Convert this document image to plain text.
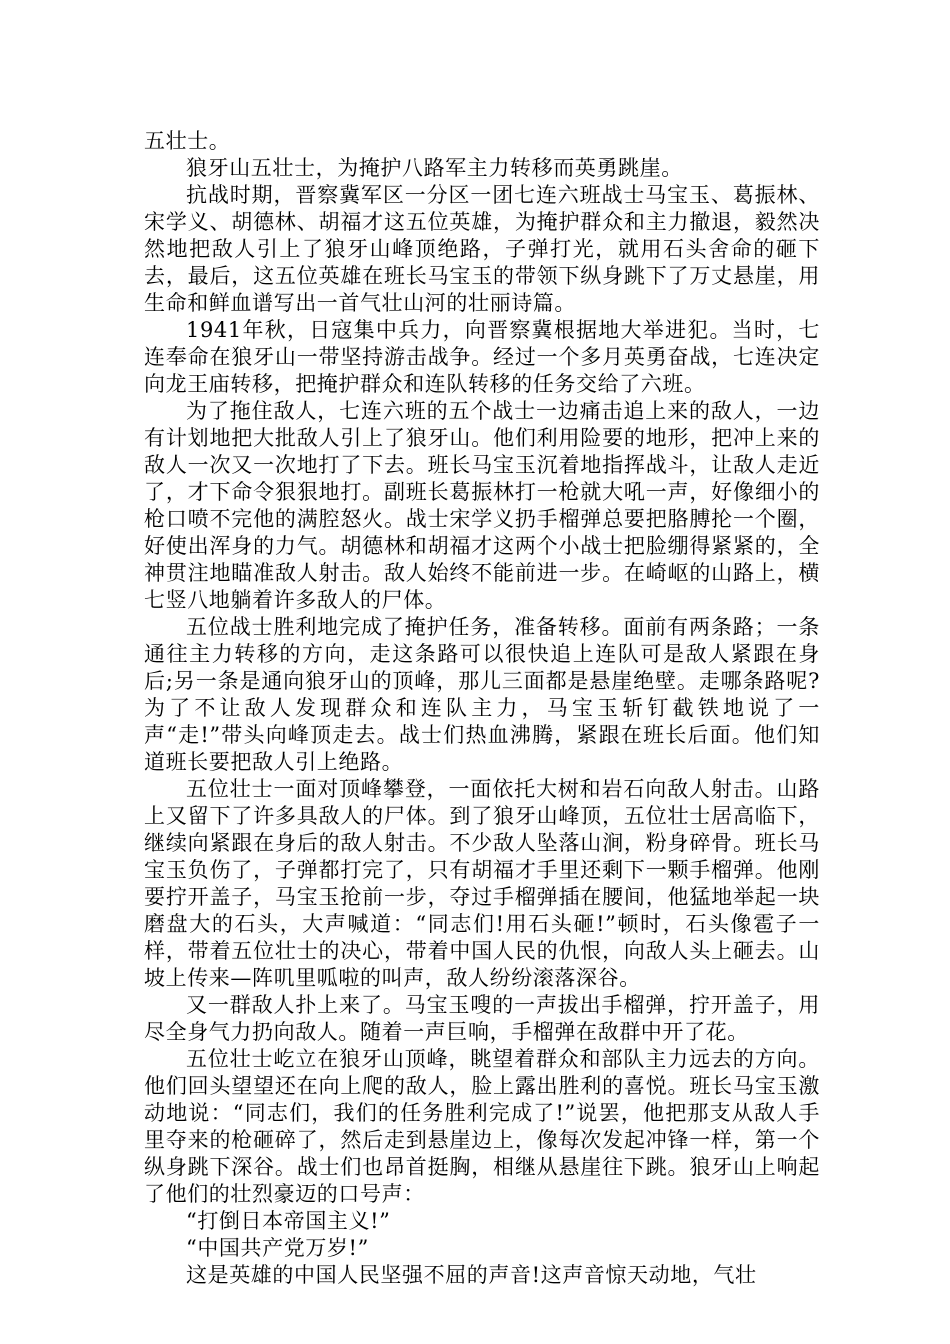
五壮士。

狼牙山五壮士，为掩护八路军主力转移而英勇跳崖。

抗战时期，晋察冀军区一分区一团七连六班战士马宝玉、葛振林、宋学义、胡德林、胡福才这五位英雄，为掩护群众和主力撤退，毅然决然地把敌人引上了狼牙山峰顶绝路，子弹打光，就用石头舍命的砸下去，最后，这五位英雄在班长马宝玉的带领下纵身跳下了万丈悬崖，用生命和鲜血谱写出一首气壮山河的壮丽诗篇。

1941年秋，日寇集中兵力，向晋察冀根据地大举进犯。当时，七连奉命在狼牙山一带坚持游击战争。经过一个多月英勇奋战，七连决定向龙王庙转移，把掩护群众和连队转移的任务交给了六班。

为了拖住敌人，七连六班的五个战士一边痛击追上来的敌人，一边有计划地把大批敌人引上了狼牙山。他们利用险要的地形，把冲上来的敌人一次又一次地打了下去。班长马宝玉沉着地指挥战斗，让敌人走近了，才下命令狠狠地打。副班长葛振林打一枪就大吼一声，好像细小的枪口喷不完他的满腔怒火。战士宋学义扔手榴弹总要把胳膊抡一个圈，好使出浑身的力气。胡德林和胡福才这两个小战士把脸绷得紧紧的，全神贯注地瞄准敌人射击。敌人始终不能前进一步。在崎岖的山路上，横七竖八地躺着许多敌人的尸体。

五位战士胜利地完成了掩护任务，准备转移。面前有两条路；一条通往主力转移的方向，走这条路可以很快追上连队可是敌人紧跟在身后;另一条是通向狼牙山的顶峰，那儿三面都是悬崖绝壁。走哪条路呢?为了不让敌人发现群众和连队主力，马宝玉斩钉截铁地说了一声“走!”带头向峰顶走去。战士们热血沸腾，紧跟在班长后面。他们知道班长要把敌人引上绝路。

五位壮士一面对顶峰攀登，一面依托大树和岩石向敌人射击。山路上又留下了许多具敌人的尸体。到了狼牙山峰顶，五位壮士居高临下，继续向紧跟在身后的敌人射击。不少敌人坠落山涧，粉身碎骨。班长马宝玉负伤了，子弹都打完了，只有胡福才手里还剩下一颗手榴弹。他刚要拧开盖子，马宝玉抢前一步，夺过手榴弹插在腰间，他猛地举起一块磨盘大的石头，大声喊道：“同志们!用石头砸!”顿时，石头像雹子一样，带着五位壮士的决心，带着中国人民的仇恨，向敌人头上砸去。山坡上传来—阵叽里呱啦的叫声，敌人纷纷滚落深谷。

又一群敌人扑上来了。马宝玉嗖的一声拔出手榴弹，拧开盖子，用尽全身气力扔向敌人。随着一声巨响，手榴弹在敌群中开了花。

五位壮士屹立在狼牙山顶峰，眺望着群众和部队主力远去的方向。他们回头望望还在向上爬的敌人，脸上露出胜利的喜悦。班长马宝玉激动地说：“同志们，我们的任务胜利完成了!”说罢，他把那支从敌人手里夺来的枪砸碎了，然后走到悬崖边上，像每次发起冲锋一样，第一个纵身跳下深谷。战士们也昂首挺胸，相继从悬崖往下跳。狼牙山上响起了他们的壮烈豪迈的口号声：

“打倒日本帝国主义!”

“中国共产党万岁!”

这是英雄的中国人民坚强不屈的声音!这声音惊天动地，气壮
